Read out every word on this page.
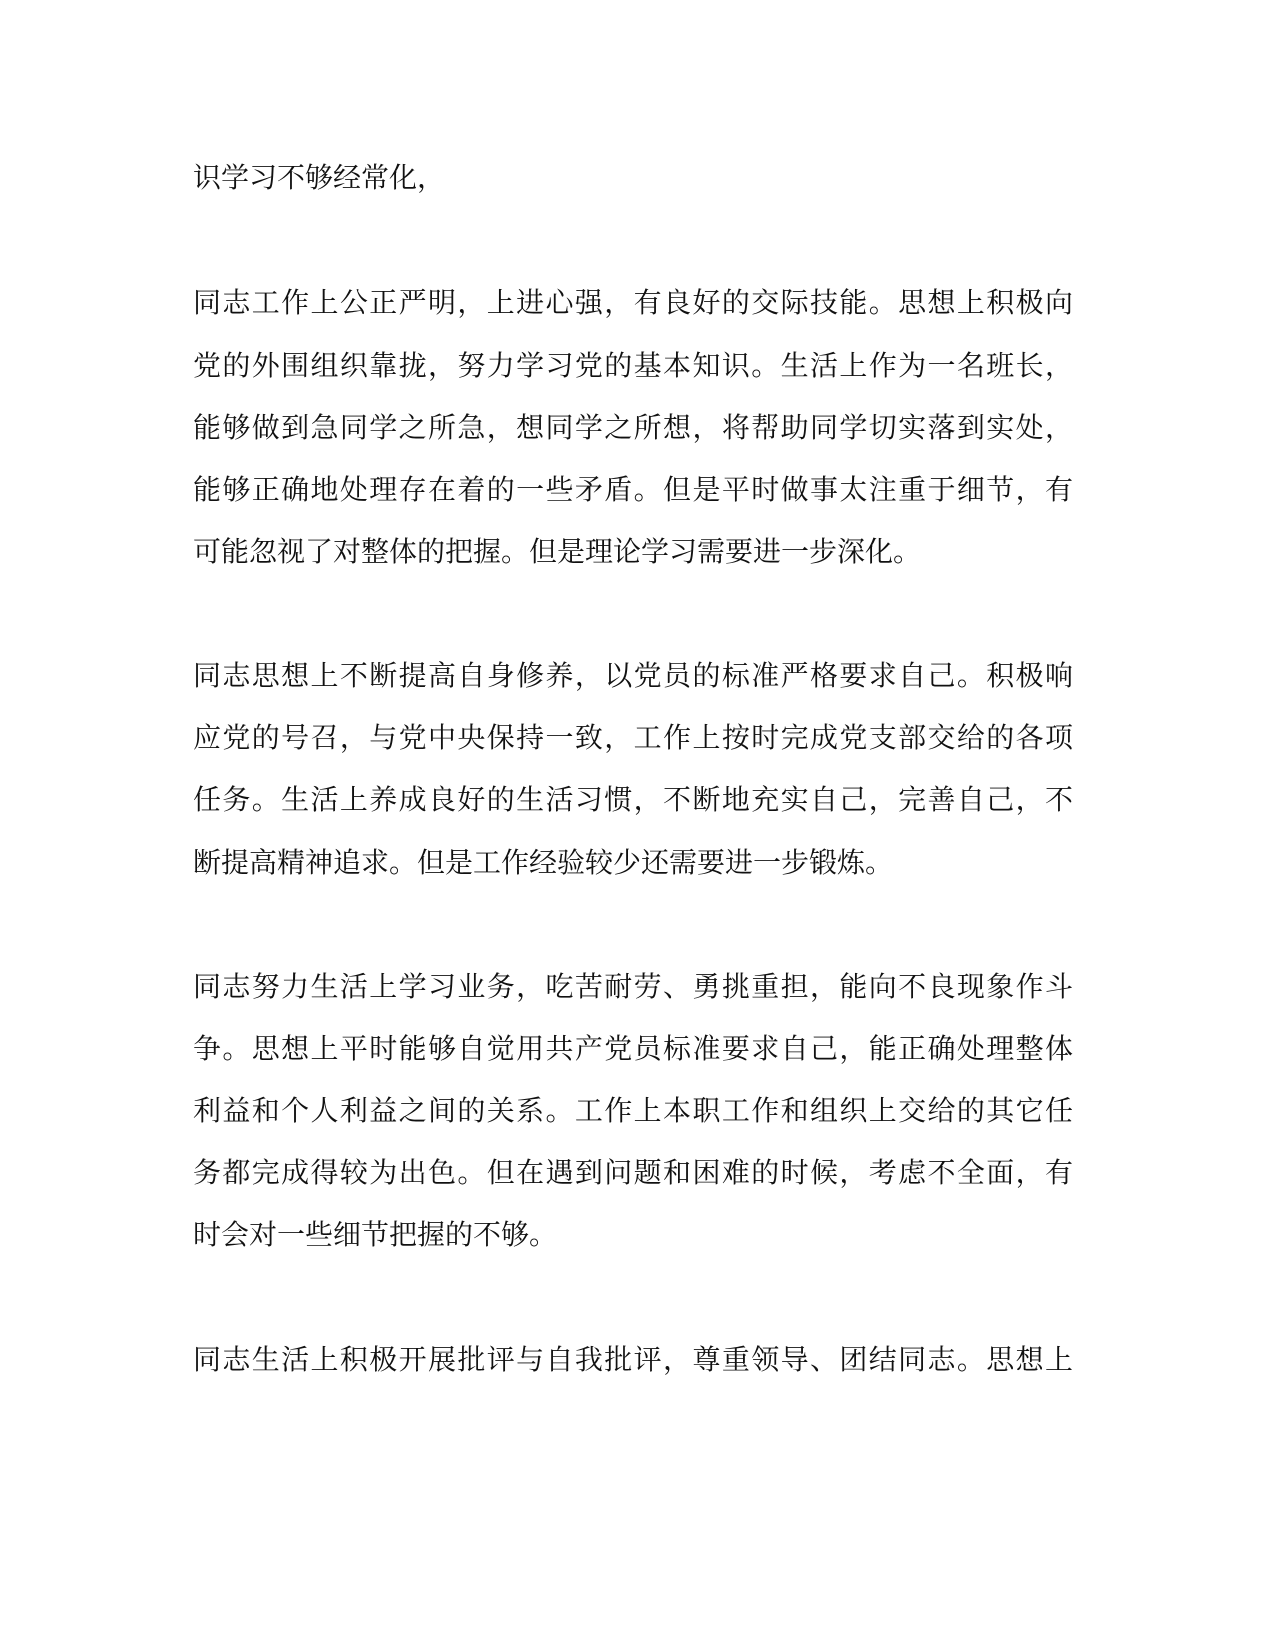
识学习不够经常化，
同志工作上公正严明，上进心强，有良好的交际技能。思想上积极向
党的外围组织靠拢，努力学习党的基本知识。生活上作为一名班长，
能够做到急同学之所急，想同学之所想，将帮助同学切实落到实处，
能够正确地处理存在着的一些矛盾。但是平时做事太注重于细节，有
可能忽视了对整体的把握。但是理论学习需要进一步深化。
同志思想上不断提高自身修养，以党员的标准严格要求自己。积极响
应党的号召，与党中央保持一致，工作上按时完成党支部交给的各项
任务。生活上养成良好的生活习惯，不断地充实自己，完善自己，不
断提高精神追求。但是工作经验较少还需要进一步锻炼。
同志努力生活上学习业务，吃苦耐劳、勇挑重担，能向不良现象作斗
争。思想上平时能够自觉用共产党员标准要求自己，能正确处理整体
利益和个人利益之间的关系。工作上本职工作和组织上交给的其它任
务都完成得较为出色。但在遇到问题和困难的时候，考虑不全面，有
时会对一些细节把握的不够。
同志生活上积极开展批评与自我批评，尊重领导、团结同志。思想上
